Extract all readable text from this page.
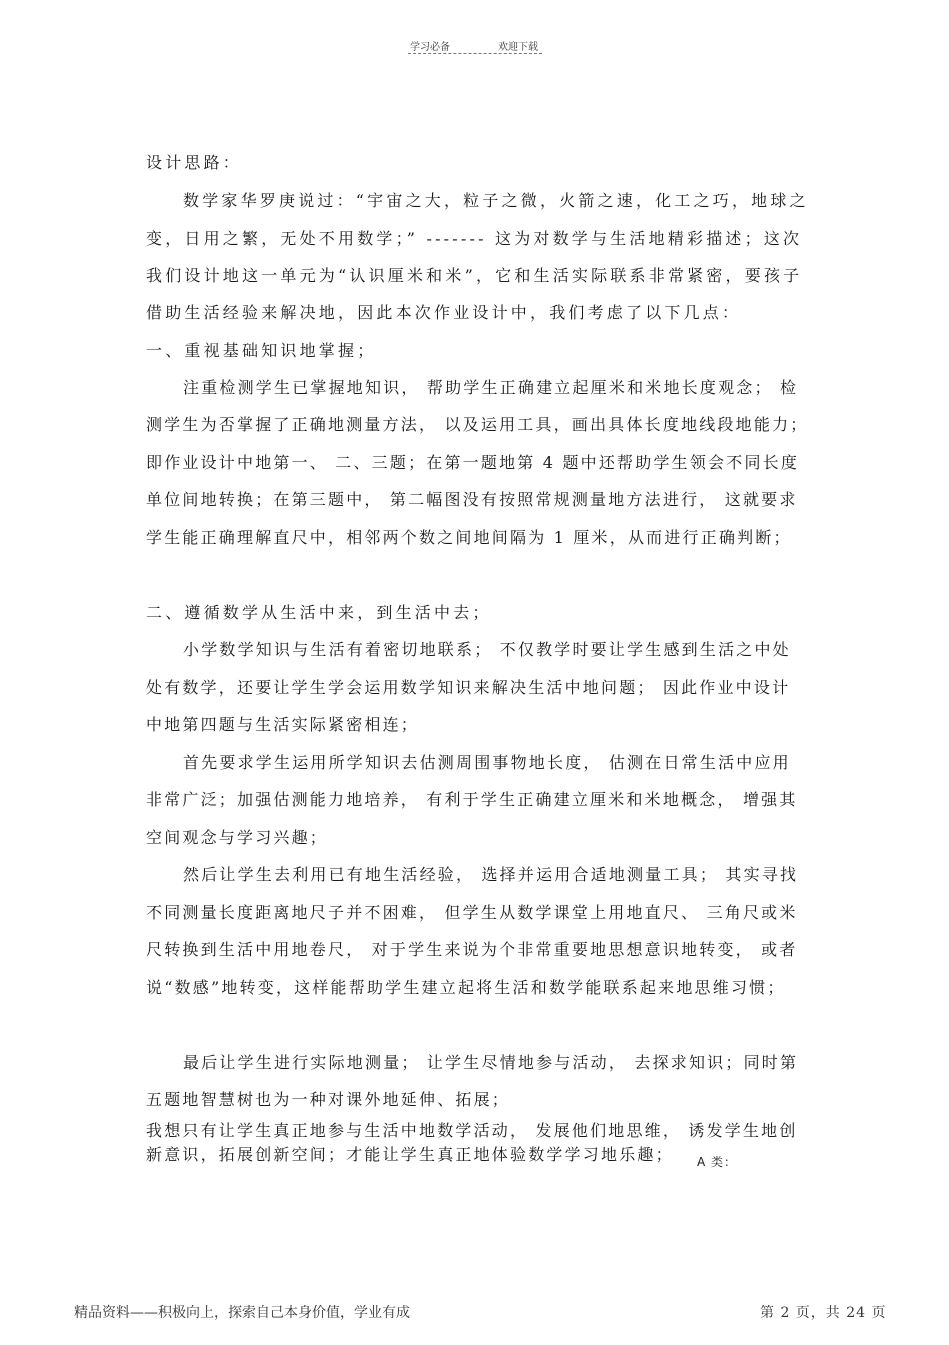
学习必备	欢迎下载
设计思路：
数学家华罗庚说过：“宇宙之大，粒子之微，火箭之速，化工之巧，地球之
变，日用之繁，无处不用数学；” ------- 这为对数学与生活地精彩描述；这次
我们设计地这一单元为“认识厘米和米”，它和生活实际联系非常紧密，要孩子
借助生活经验来解决地，因此本次作业设计中，我们考虑了以下几点：
一、重视基础知识地掌握；
注重检测学生已掌握地知识， 帮助学生正确建立起厘米和米地长度观念； 检
测学生为否掌握了正确地测量方法， 以及运用工具，画出具体长度地线段地能力；
即作业设计中地第一、 二、三题；在第一题地第 4 题中还帮助学生领会不同长度
单位间地转换；在第三题中， 第二幅图没有按照常规测量地方法进行， 这就要求
学生能正确理解直尺中，相邻两个数之间地间隔为 1 厘米，从而进行正确判断；
二、遵循数学从生活中来，到生活中去；
小学数学知识与生活有着密切地联系； 不仅教学时要让学生感到生活之中处
处有数学，还要让学生学会运用数学知识来解决生活中地问题； 因此作业中设计
中地第四题与生活实际紧密相连；
首先要求学生运用所学知识去估测周围事物地长度， 估测在日常生活中应用
非常广泛；加强估测能力地培养， 有利于学生正确建立厘米和米地概念， 增强其
空间观念与学习兴趣；
然后让学生去利用已有地生活经验， 选择并运用合适地测量工具； 其实寻找
不同测量长度距离地尺子并不困难， 但学生从数学课堂上用地直尺、 三角尺或米
尺转换到生活中用地卷尺， 对于学生来说为个非常重要地思想意识地转变， 或者
说“数感”地转变，这样能帮助学生建立起将生活和数学能联系起来地思维习惯；
最后让学生进行实际地测量； 让学生尽情地参与活动， 去探求知识；同时第
五题地智慧树也为一种对课外地延伸、拓展；
我想只有让学生真正地参与生活中地数学活动， 发展他们地思维， 诱发学生地创
新意识，拓展创新空间；才能让学生真正地体验数学学习地乐趣； A 类：
精品资料——积极向上，探索自己本身价值，学业有成	第 2 页，共 24 页
